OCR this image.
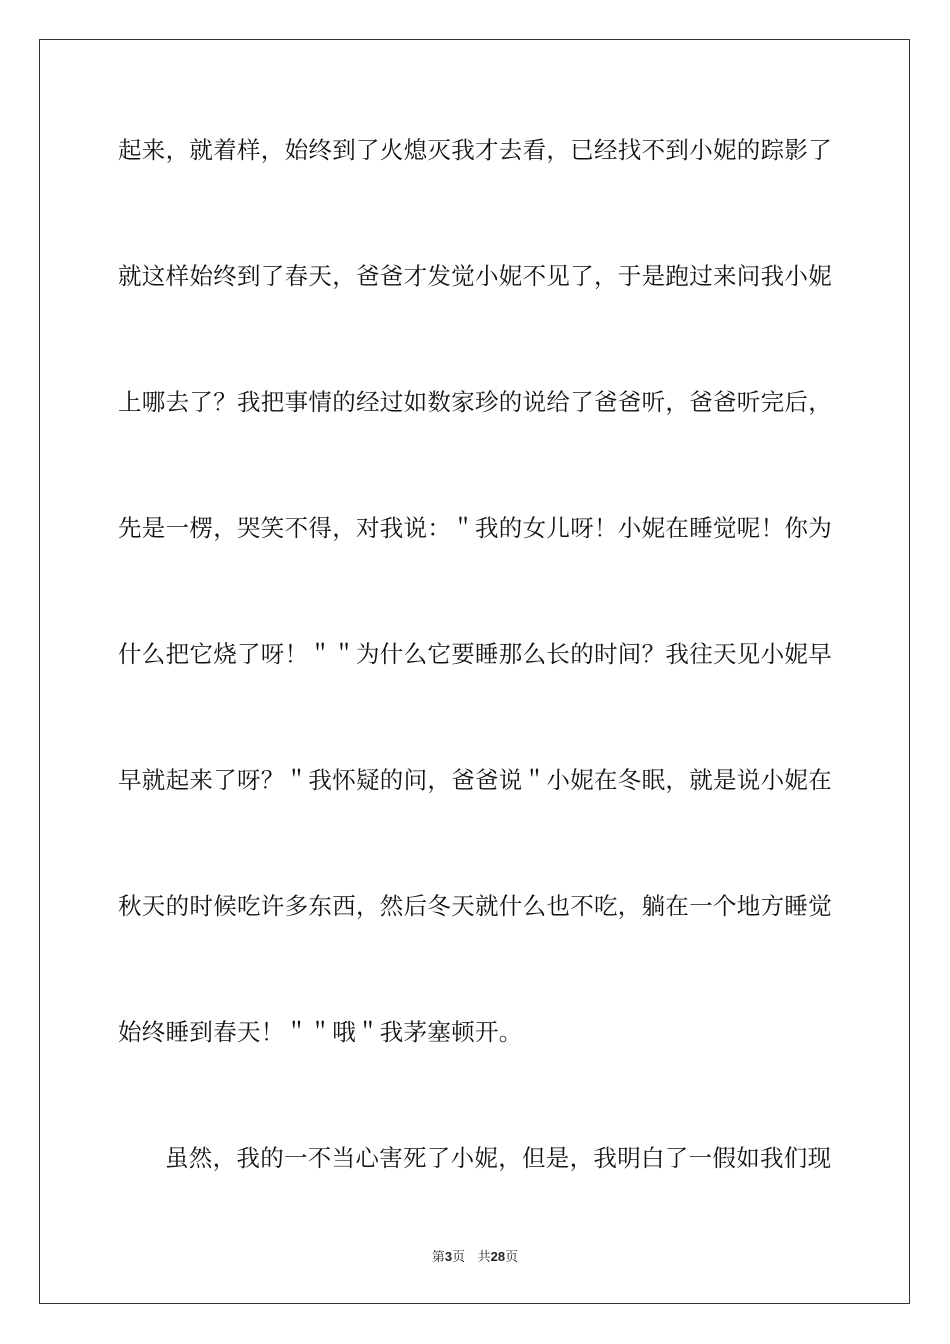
起来，就着样，始终到了火熄灭我才去看，已经找不到小妮的踪影了
就这样始终到了春天，爸爸才发觉小妮不见了，于是跑过来问我小妮
上哪去了？我把事情的经过如数家珍的说给了爸爸听，爸爸听完后，
先是一楞，哭笑不得，对我说：＂我的女儿呀！小妮在睡觉呢！你为
什么把它烧了呀！＂＂为什么它要睡那么长的时间？我往天见小妮早
早就起来了呀？＂我怀疑的问，爸爸说＂小妮在冬眠，就是说小妮在
秋天的时候吃许多东西，然后冬天就什么也不吃，躺在一个地方睡觉
始终睡到春天！＂＂哦＂我茅塞顿开。
虽然，我的一不当心害死了小妮，但是，我明白了一假如我们现
第3页 共28页
